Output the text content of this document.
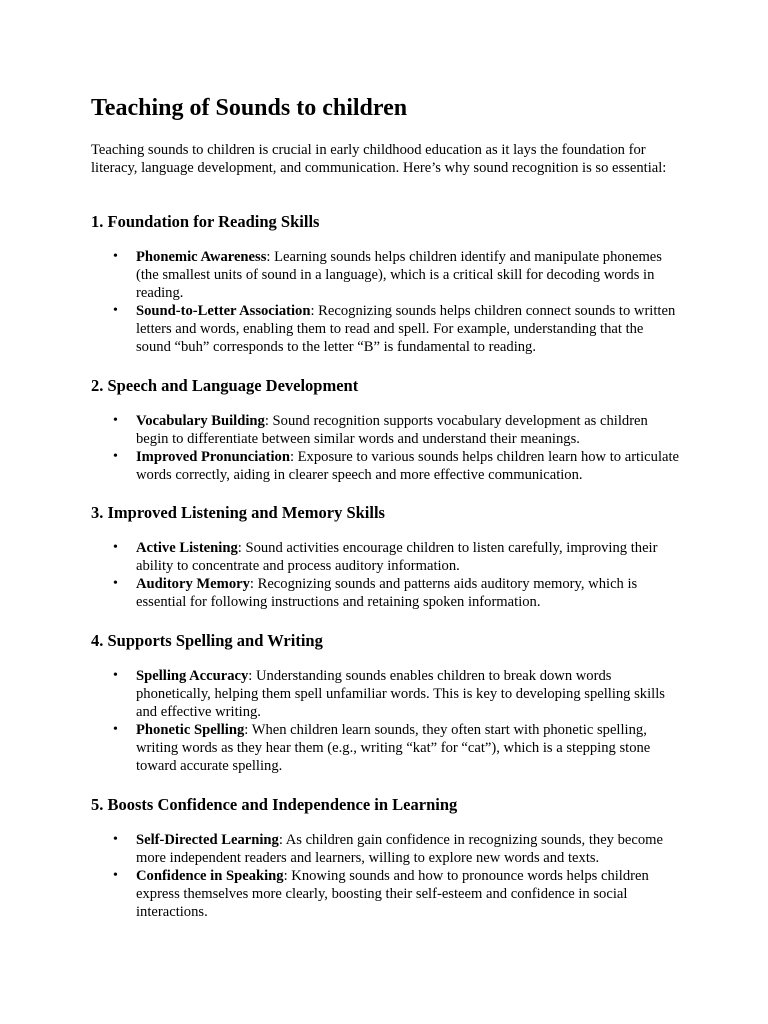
Teaching of Sounds to children

Teaching sounds to children is crucial in early childhood education as it lays the foundation for literacy, language development, and communication. Here’s why sound recognition is so essential:

1. Foundation for Reading Skills
•	Phonemic Awareness: Learning sounds helps children identify and manipulate phonemes (the smallest units of sound in a language), which is a critical skill for decoding words in reading.
•	Sound-to-Letter Association: Recognizing sounds helps children connect sounds to written letters and words, enabling them to read and spell. For example, understanding that the sound “buh” corresponds to the letter “B” is fundamental to reading.
2. Speech and Language Development
•	Vocabulary Building: Sound recognition supports vocabulary development as children begin to differentiate between similar words and understand their meanings.
•	Improved Pronunciation: Exposure to various sounds helps children learn how to articulate words correctly, aiding in clearer speech and more effective communication.
3. Improved Listening and Memory Skills
•	Active Listening: Sound activities encourage children to listen carefully, improving their ability to concentrate and process auditory information.
•	Auditory Memory: Recognizing sounds and patterns aids auditory memory, which is essential for following instructions and retaining spoken information.
4. Supports Spelling and Writing
•	Spelling Accuracy: Understanding sounds enables children to break down words phonetically, helping them spell unfamiliar words. This is key to developing spelling skills and effective writing.
•	Phonetic Spelling: When children learn sounds, they often start with phonetic spelling, writing words as they hear them (e.g., writing “kat” for “cat”), which is a stepping stone toward accurate spelling.
5. Boosts Confidence and Independence in Learning
•	Self-Directed Learning: As children gain confidence in recognizing sounds, they become more independent readers and learners, willing to explore new words and texts.
•	Confidence in Speaking: Knowing sounds and how to pronounce words helps children express themselves more clearly, boosting their self-esteem and confidence in social interactions.
